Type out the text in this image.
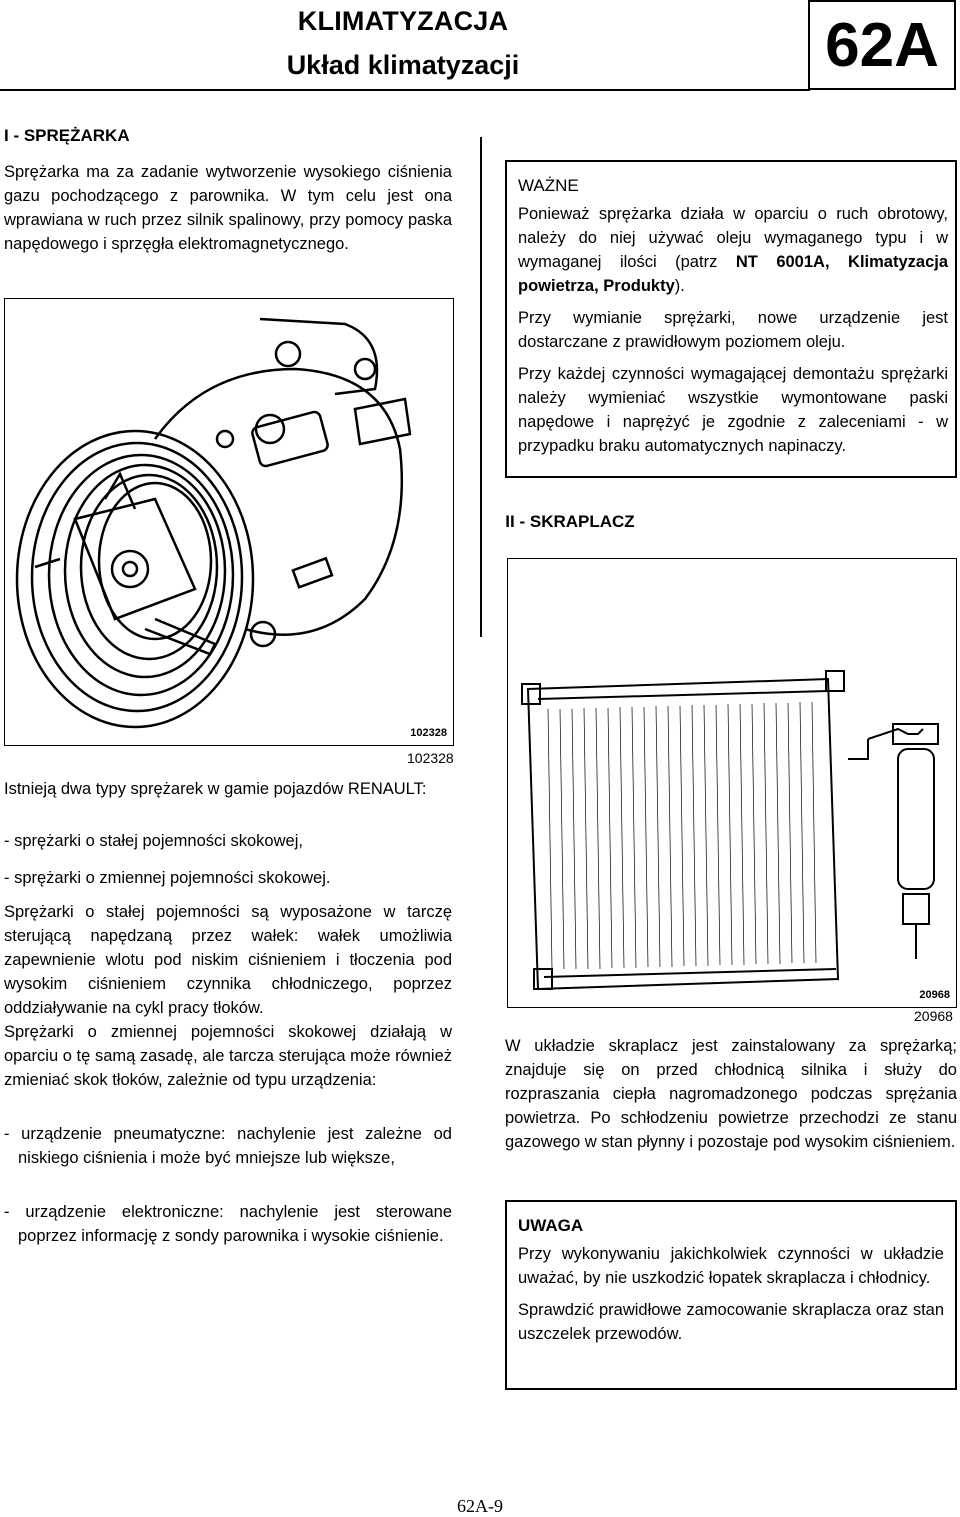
KLIMATYZACJA
Układ klimatyzacji	62A
I - SPRĘŻARKA

Sprężarka ma za zadanie wytworzenie wysokiego ciśnienia gazu pochodzącego z parownika. W tym celu jest ona wprawiana w ruch przez silnik spalinowy, przy pomocy paska napędowego i sprzęgła elektromagnetycznego.

102328
102328

Istnieją dwa typy sprężarek w gamie pojazdów RENAULT:

- sprężarki o stałej pojemności skokowej,
- sprężarki o zmiennej pojemności skokowej.

Sprężarki o stałej pojemności są wyposażone w tarczę sterującą napędzaną przez wałek: wałek umożliwia zapewnienie wlotu pod niskim ciśnieniem i tłoczenia pod wysokim ciśnieniem czynnika chłodniczego, poprzez oddziaływanie na cykl pracy tłoków.

Sprężarki o zmiennej pojemności skokowej działają w oparciu o tę samą zasadę, ale tarcza sterująca może również zmieniać skok tłoków, zależnie od typu urządzenia:

- urządzenie pneumatyczne: nachylenie jest zależne od niskiego ciśnienia i może być mniejsze lub większe,
- urządzenie elektroniczne: nachylenie jest sterowane poprzez informację z sondy parownika i wysokie ciśnienie.
WAŻNE

Ponieważ sprężarka działa w oparciu o ruch obrotowy, należy do niej używać oleju wymaganego typu i w wymaganej ilości (patrz NT 6001A, Klimatyzacja powietrza, Produkty).

Przy wymianie sprężarki, nowe urządzenie jest dostarczane z prawidłowym poziomem oleju.

Przy każdej czynności wymagającej demontażu sprężarki należy wymieniać wszystkie wymontowane paski napędowe i naprężyć je zgodnie z zaleceniami - w przypadku braku automatycznych napinaczy.

II - SKRAPLACZ
20968
20968

W układzie skraplacz jest zainstalowany za sprężarką; znajduje się on przed chłodnicą silnika i służy do rozpraszania ciepła nagromadzonego podczas sprężania powietrza. Po schłodzeniu powietrze przechodzi ze stanu gazowego w stan płynny i pozostaje pod wysokim ciśnieniem.

UWAGA

Przy wykonywaniu jakichkolwiek czynności w układzie uważać, by nie uszkodzić łopatek skraplacza i chłodnicy.

Sprawdzić prawidłowe zamocowanie skraplacza oraz stan uszczelek przewodów.

62A-9
